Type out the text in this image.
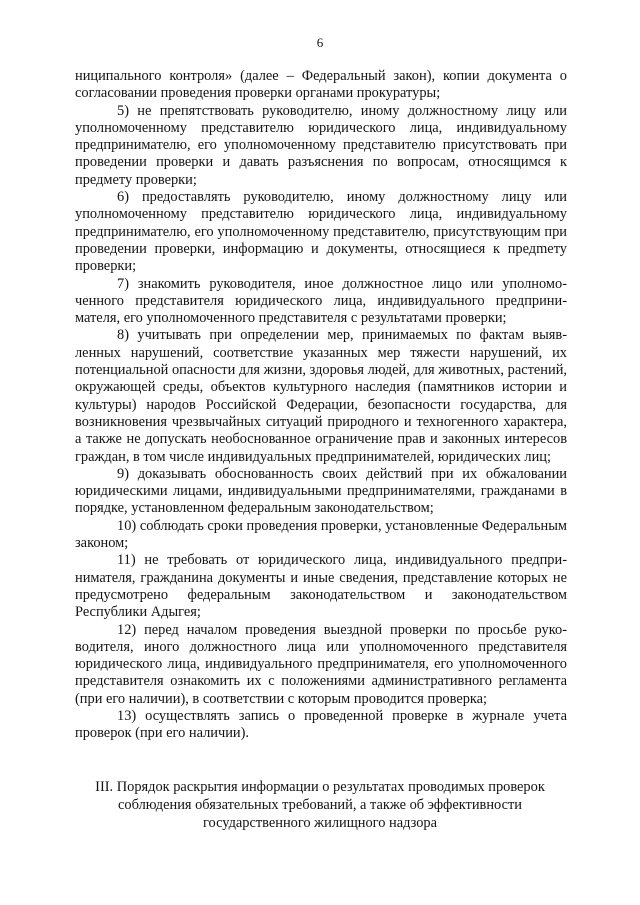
6

ниципального контроля» (далее – Федеральный закон), копии документа о согласовании проведения проверки органами прокуратуры;

5) не препятствовать руководителю, иному должностному лицу или уполномоченному представителю юридического лица, индивидуальному предпринимателю, его уполномоченному представителю присутствовать при проведении проверки и давать разъяснения по вопросам, относящимся к предмету проверки;

6) предоставлять руководителю, иному должностному лицу или уполномоченному представителю юридического лица, индивидуальному предпринимателю, его уполномоченному представителю, присутствующим при проведении проверки, информацию и документы, относящиеся к предmету проверки;

7) знакомить руководителя, иное должностное лицо или уполномоченного представителя юридического лица, индивидуального предпринимателя, его уполномоченного представителя с результатами проверки;

8) учитывать при определении мер, принимаемых по фактам выявленных нарушений, соответствие указанных мер тяжести нарушений, их потенциальной опасности для жизни, здоровья людей, для животных, растений, окружающей среды, объектов культурного наследия (памятников истории и культуры) народов Российской Федерации, безопасности государства, для возникновения чрезвычайных ситуаций природного и техногенного характера, а также не допускать необоснованное ограничение прав и законных интересов граждан, в том числе индивидуальных предпринимателей, юридических лиц;

9) доказывать обоснованность своих действий при их обжаловании юридическими лицами, индивидуальными предпринимателями, гражданами в порядке, установленном федеральным законодательством;

10) соблюдать сроки проведения проверки, установленные Федеральным законом;

11) не требовать от юридического лица, индивидуального предпринимателя, гражданина документы и иные сведения, представление которых не предусмотрено федеральным законодательством и законодательством Республики Адыгея;

12) перед началом проведения выездной проверки по просьбе руководителя, иного должностного лица или уполномоченного представителя юридического лица, индивидуального предпринимателя, его уполномоченного представителя ознакомить их с положениями административного регламента (при его наличии), в соответствии с которым проводится проверка;

13) осуществлять запись о проведенной проверке в журнале учета проверок (при его наличии).

III. Порядок раскрытия информации о результатах проводимых проверок
соблюдения обязательных требований, а также об эффективности
государственного жилищного надзора
